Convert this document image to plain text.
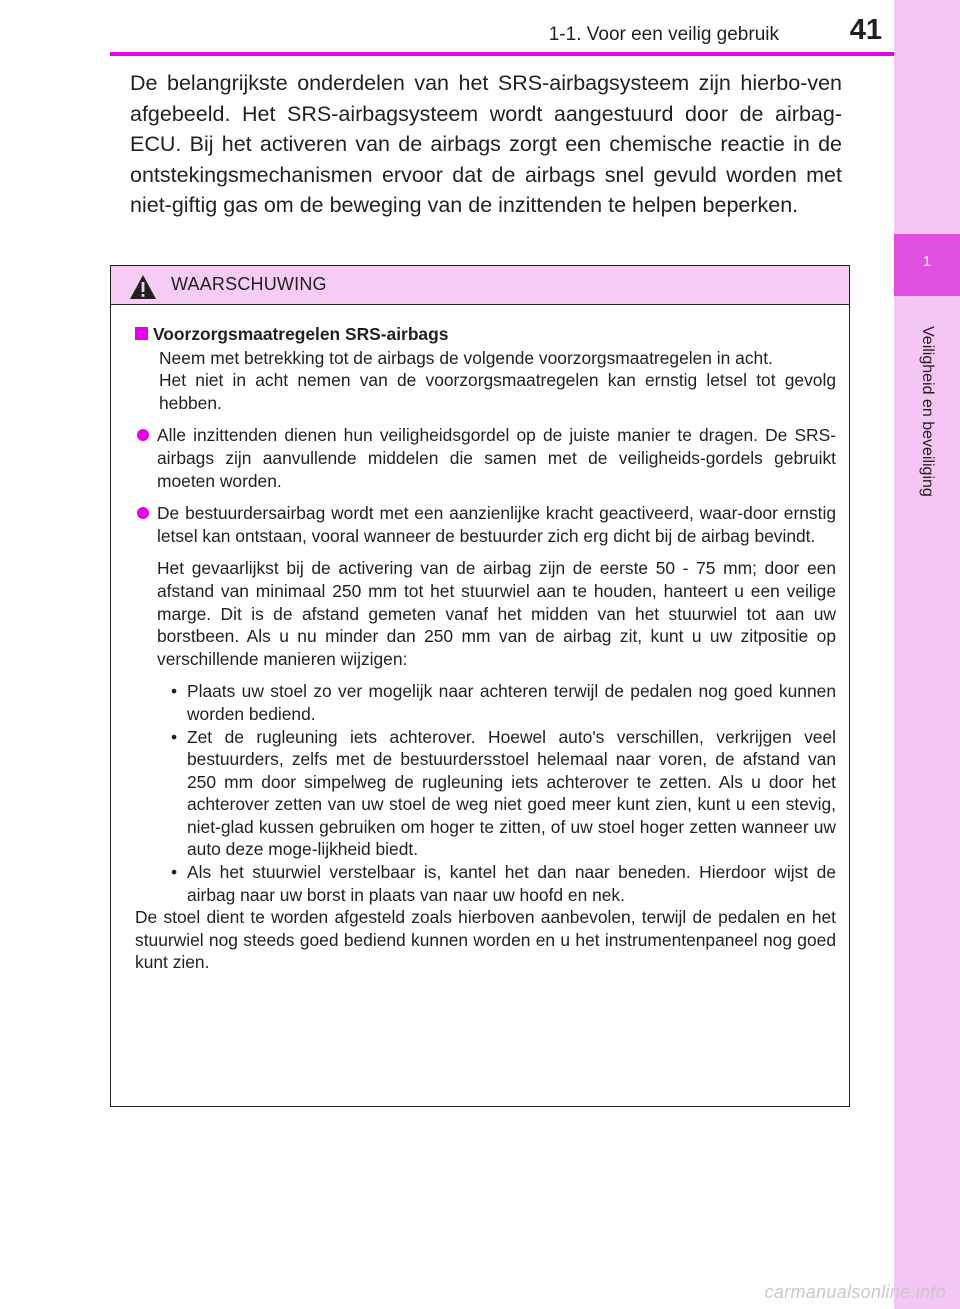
1-1. Voor een veilig gebruik 41
1
Veiligheid en beveiliging

De belangrijkste onderdelen van het SRS-airbagsysteem zijn hierbo-ven afgebeeld. Het SRS-airbagsysteem wordt aangestuurd door de airbag-ECU. Bij het activeren van de airbags zorgt een chemische reactie in de ontstekingsmechanismen ervoor dat de airbags snel gevuld worden met niet-giftig gas om de beweging van de inzittenden te helpen beperken.

WAARSCHUWING
Voorzorgsmaatregelen SRS-airbags
Neem met betrekking tot de airbags de volgende voorzorgsmaatregelen in acht.
Het niet in acht nemen van de voorzorgsmaatregelen kan ernstig letsel tot gevolg hebben.
Alle inzittenden dienen hun veiligheidsgordel op de juiste manier te dragen. De SRS-airbags zijn aanvullende middelen die samen met de veiligheids-gordels gebruikt moeten worden.
De bestuurdersairbag wordt met een aanzienlijke kracht geactiveerd, waar-door ernstig letsel kan ontstaan, vooral wanneer de bestuurder zich erg dicht bij de airbag bevindt.
Het gevaarlijkst bij de activering van de airbag zijn de eerste 50 - 75 mm; door een afstand van minimaal 250 mm tot het stuurwiel aan te houden, hanteert u een veilige marge. Dit is de afstand gemeten vanaf het midden van het stuurwiel tot aan uw borstbeen. Als u nu minder dan 250 mm van de airbag zit, kunt u uw zitpositie op verschillende manieren wijzigen:
• Plaats uw stoel zo ver mogelijk naar achteren terwijl de pedalen nog goed kunnen worden bediend.
• Zet de rugleuning iets achterover. Hoewel auto's verschillen, verkrijgen veel bestuurders, zelfs met de bestuurdersstoel helemaal naar voren, de afstand van 250 mm door simpelweg de rugleuning iets achterover te zetten. Als u door het achterover zetten van uw stoel de weg niet goed meer kunt zien, kunt u een stevig, niet-glad kussen gebruiken om hoger te zitten, of uw stoel hoger zetten wanneer uw auto deze moge-lijkheid biedt.
• Als het stuurwiel verstelbaar is, kantel het dan naar beneden. Hierdoor wijst de airbag naar uw borst in plaats van naar uw hoofd en nek.
De stoel dient te worden afgesteld zoals hierboven aanbevolen, terwijl de pedalen en het stuurwiel nog steeds goed bediend kunnen worden en u het instrumentenpaneel nog goed kunt zien.
carmanualsonline.info
